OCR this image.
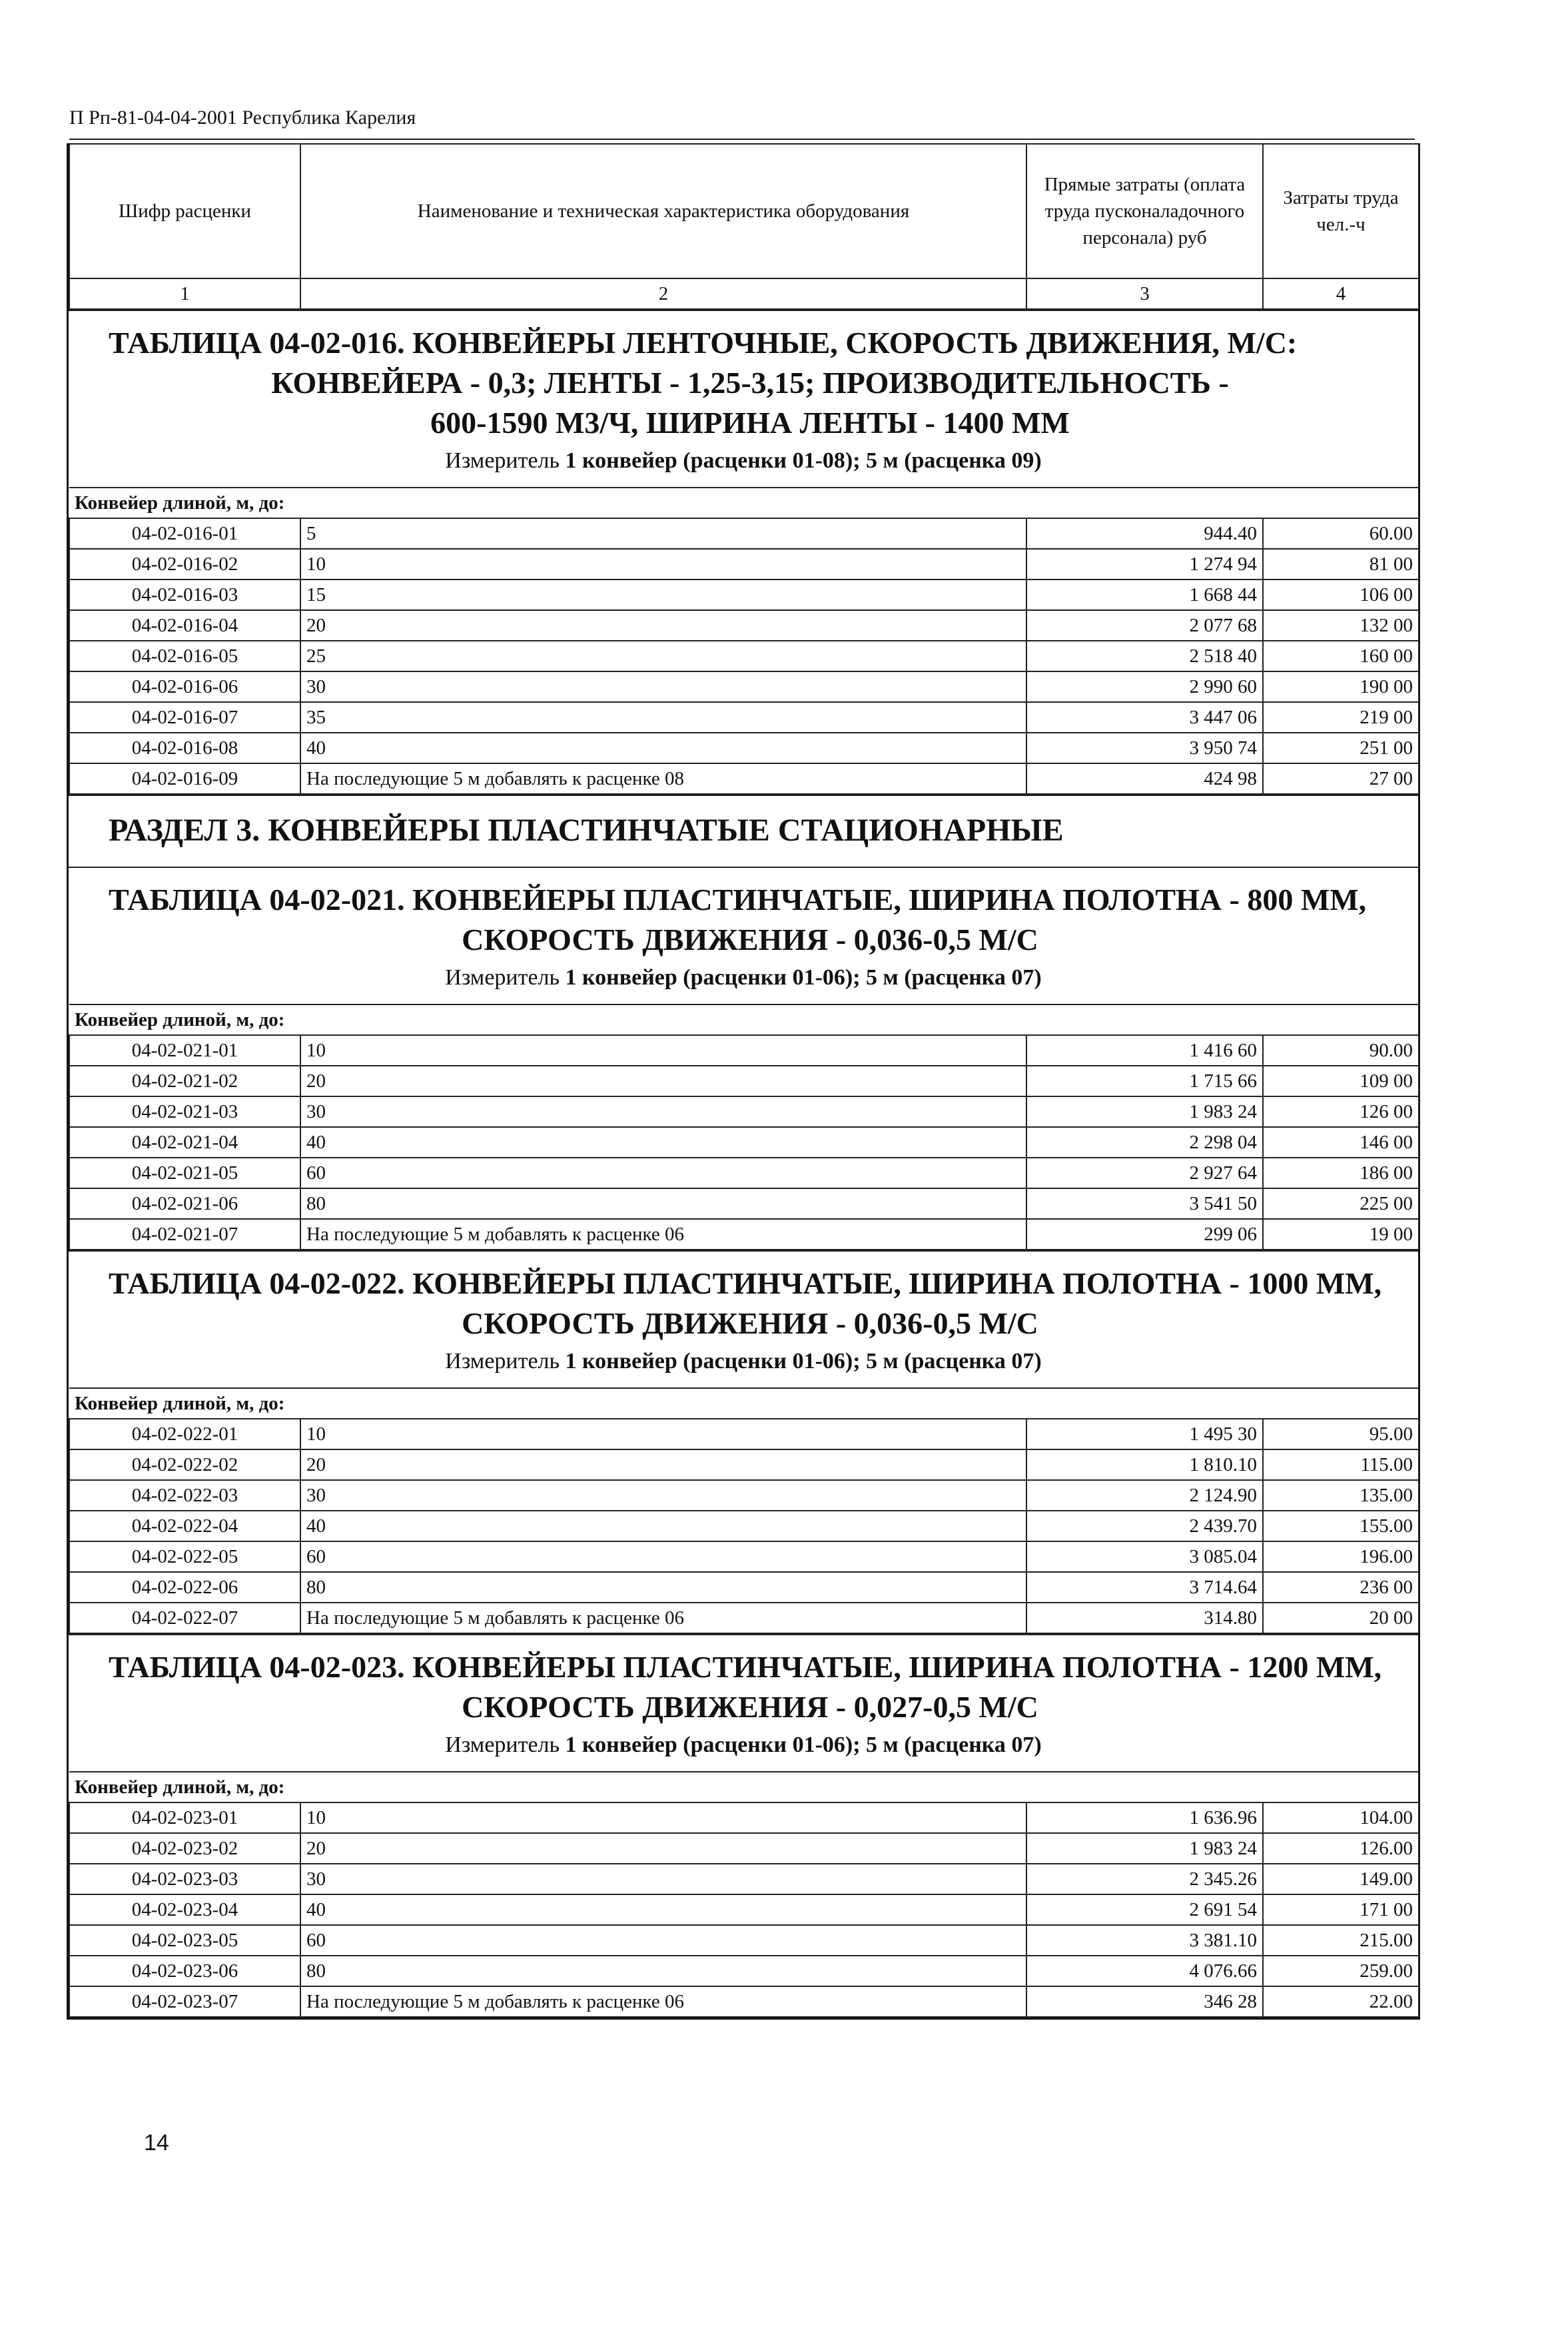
П Рп-81-04-04-2001 Республика Карелия
Шифр расценки	Наименование и техническая характеристика оборудования	Прямые затраты (оплата труда пусконаладочного персонала) руб	Затраты труда чел.-ч
1	2	3	4
ТАБЛИЦА 04-02-016. КОНВЕЙЕРЫ ЛЕНТОЧНЫЕ, СКОРОСТЬ ДВИЖЕНИЯ, М/С:

КОНВЕЙЕРА - 0,3; ЛЕНТЫ - 1,25-3,15; ПРОИЗВОДИТЕЛЬНОСТЬ -
600-1590 М3/Ч, ШИРИНА ЛЕНТЫ - 1400 ММ
Измеритель 1 конвейер (расценки 01-08); 5 м (расценка 09)
Конвейер длиной, м, до:			
04-02-016-01	5	944.40	60.00
04-02-016-02	10	1 274 94	81 00
04-02-016-03	15	1 668 44	106 00
04-02-016-04	20	2 077 68	132 00
04-02-016-05	25	2 518 40	160 00
04-02-016-06	30	2 990 60	190 00
04-02-016-07	35	3 447 06	219 00
04-02-016-08	40	3 950 74	251 00
04-02-016-09	На последующие 5 м добавлять к расценке 08	424 98	27 00
РАЗДЕЛ 3. КОНВЕЙЕРЫ ПЛАСТИНЧАТЫЕ СТАЦИОНАРНЫЕ
ТАБЛИЦА 04-02-021. КОНВЕЙЕРЫ ПЛАСТИНЧАТЫЕ, ШИРИНА ПОЛОТНА - 800 ММ,

СКОРОСТЬ ДВИЖЕНИЯ - 0,036-0,5 М/С
Измеритель 1 конвейер (расценки 01-06); 5 м (расценка 07)
Конвейер длиной, м, до:			
04-02-021-01	10	1 416 60	90.00
04-02-021-02	20	1 715 66	109 00
04-02-021-03	30	1 983 24	126 00
04-02-021-04	40	2 298 04	146 00
04-02-021-05	60	2 927 64	186 00
04-02-021-06	80	3 541 50	225 00
04-02-021-07	На последующие 5 м добавлять к расценке 06	299 06	19 00
ТАБЛИЦА 04-02-022. КОНВЕЙЕРЫ ПЛАСТИНЧАТЫЕ, ШИРИНА ПОЛОТНА - 1000 ММ,

СКОРОСТЬ ДВИЖЕНИЯ - 0,036-0,5 М/С
Измеритель 1 конвейер (расценки 01-06); 5 м (расценка 07)
Конвейер длиной, м, до:			
04-02-022-01	10	1 495 30	95.00
04-02-022-02	20	1 810.10	115.00
04-02-022-03	30	2 124.90	135.00
04-02-022-04	40	2 439.70	155.00
04-02-022-05	60	3 085.04	196.00
04-02-022-06	80	3 714.64	236 00
04-02-022-07	На последующие 5 м добавлять к расценке 06	314.80	20 00
ТАБЛИЦА 04-02-023. КОНВЕЙЕРЫ ПЛАСТИНЧАТЫЕ, ШИРИНА ПОЛОТНА - 1200 ММ,

СКОРОСТЬ ДВИЖЕНИЯ - 0,027-0,5 М/С
Измеритель 1 конвейер (расценки 01-06); 5 м (расценка 07)
Конвейер длиной, м, до:			
04-02-023-01	10	1 636.96	104.00
04-02-023-02	20	1 983 24	126.00
04-02-023-03	30	2 345.26	149.00
04-02-023-04	40	2 691 54	171 00
04-02-023-05	60	3 381.10	215.00
04-02-023-06	80	4 076.66	259.00
04-02-023-07	На последующие 5 м добавлять к расценке 06	346 28	22.00
14
